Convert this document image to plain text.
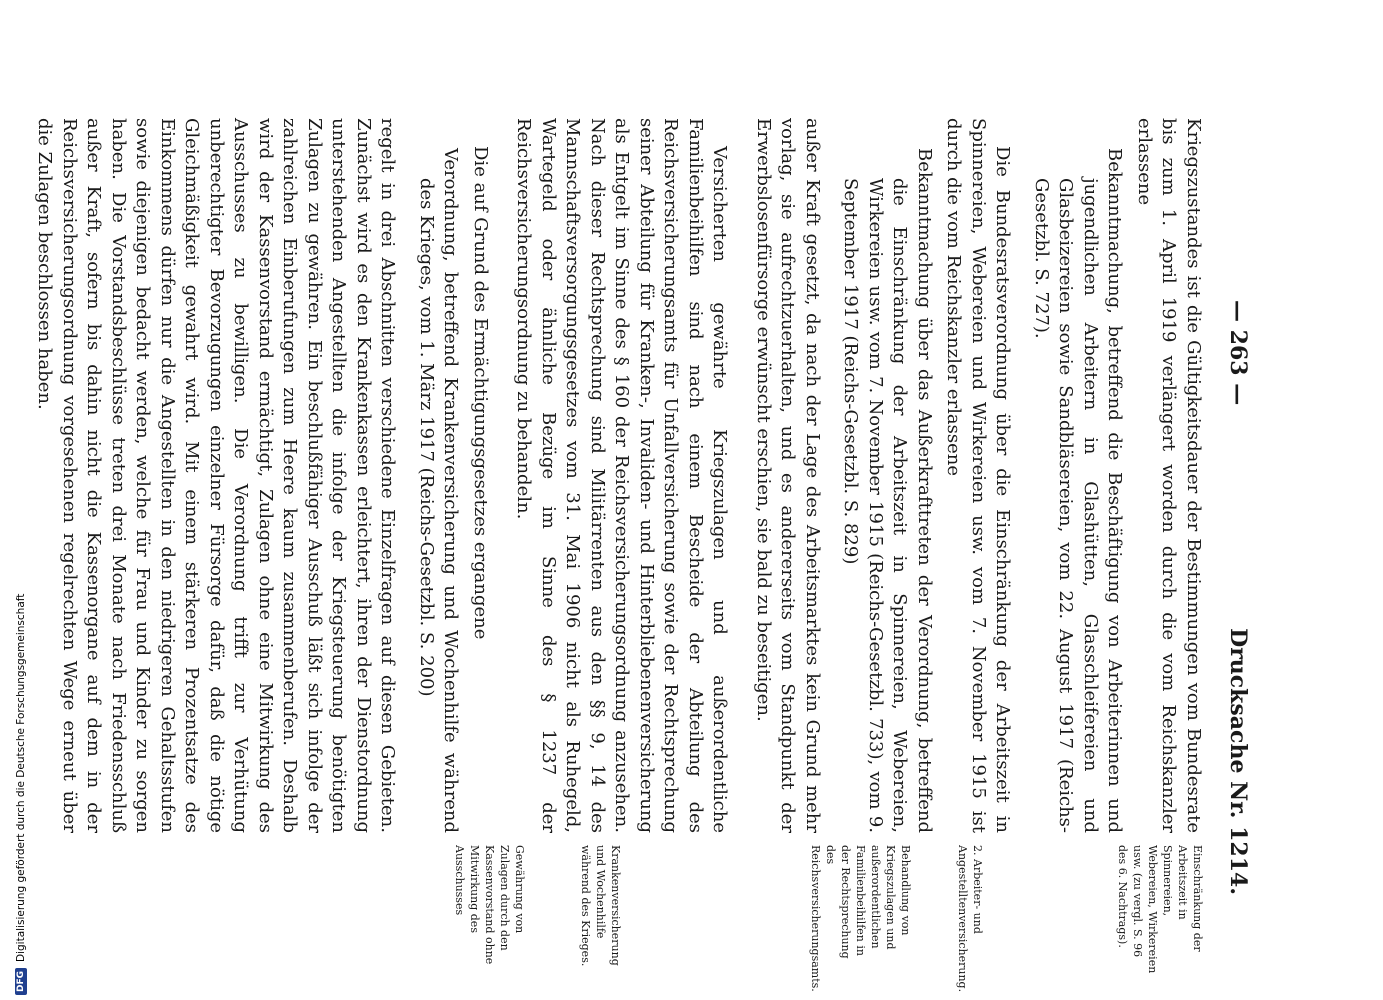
— 263 —
Drucksache Nr. 1214.

Kriegszustandes ist die Gültigkeitsdauer der Bestimmungen vom Bundesrate bis zum 1. April 1919 verlängert worden durch die vom Reichskanzler erlassene

Bekanntmachung, betreffend die Beschäftigung von Arbeiterinnen und jugendlichen Arbeitern in Glashütten, Glasschleifereien und Glasbeizereien sowie Sandbläsereien, vom 22. August 1917 (Reichs-Gesetzbl. S. 727).

Die Bundesratsverordnung über die Einschränkung der Arbeitszeit in Spinnereien, Webereien und Wirkereien usw. vom 7. November 1915 ist durch die vom Reichskanzler erlassene

Bekanntmachung über das Außerkrafttreten der Verordnung, betreffend die Einschränkung der Arbeitszeit in Spinnereien, Webereien, Wirkereien usw. vom 7. November 1915 (Reichs-Gesetzbl. 733), vom 9. September 1917 (Reichs-Gesetzbl. S. 829)

außer Kraft gesetzt, da nach der Lage des Arbeitsmarktes kein Grund mehr vorlag, sie aufrechtzuerhalten, und es andererseits vom Standpunkt der Erwerbslosenfürsorge erwünscht erschien, sie bald zu beseitigen.

Versicherten gewährte Kriegszulagen und außerordentliche Familienbeihilfen sind nach einem Bescheide der Abteilung des Reichsversicherungsamts für Unfallversicherung sowie der Rechtsprechung seiner Abteilung für Kranken-, Invaliden- und Hinterbliebenenversicherung als Entgelt im Sinne des § 160 der Reichsversicherungsordnung anzusehen. Nach dieser Rechtsprechung sind Militärrenten aus den §§ 9, 14 des Mannschaftsversorgungsgesetzes vom 31. Mai 1906 nicht als Ruhegeld, Wartegeld oder ähnliche Bezüge im Sinne des § 1237 der Reichsversicherungsordnung zu behandeln.

Die auf Grund des Ermächtigungsgesetzes ergangene

Verordnung, betreffend Krankenversicherung und Wochenhilfe während des Krieges, vom 1. März 1917 (Reichs-Gesetzbl. S. 200)

regelt in drei Abschnitten verschiedene Einzelfragen auf diesen Gebieten. Zunächst wird es den Krankenkassen erleichtert, ihren der Dienstordnung unterstehenden Angestellten die infolge der Kriegsteuerung benötigten Zulagen zu gewähren. Ein beschlußfähiger Ausschuß läßt sich infolge der zahlreichen Einberufungen zum Heere kaum zusammenberufen. Deshalb wird der Kassenvorstand ermächtigt, Zulagen ohne eine Mitwirkung des Ausschusses zu bewilligen. Die Verordnung trifft zur Verhütung unberechtigter Bevorzugungen einzelner Fürsorge dafür, daß die nötige Gleichmäßigkeit gewahrt wird. Mit einem stärkeren Prozentsatze des Einkommens dürfen nur die Angestellten in den niedrigeren Gehaltsstufen sowie diejenigen bedacht werden, welche für Frau und Kinder zu sorgen haben. Die Vorstandsbeschlüsse treten drei Monate nach Friedensschluß außer Kraft, sofern bis dahin nicht die Kassenorgane auf dem in der Reichsversicherungsordnung vorgesehenen regelrechten Wege erneut über die Zulagen beschlossen haben.

Einschränkung der Arbeitszeit in Spinnereien, Webereien, Wirkereien usw. (zu vergl. S. 96 des 6. Nachtrags).
2. Arbeiter- und Angestelltenversicherung.
Behandlung von Kriegszulagen und außerordentlichen Familienbeihilfen in der Rechtsprechung des Reichsversicherungsamts.
Krankenversicherung und Wochenhilfe während des Krieges.
Gewährung von Zulagen durch den Kassenvorstand ohne Mitwirkung des Ausschusses
DFG
Digitalisierung gefördert durch die Deutsche Forschungsgemeinschaft
